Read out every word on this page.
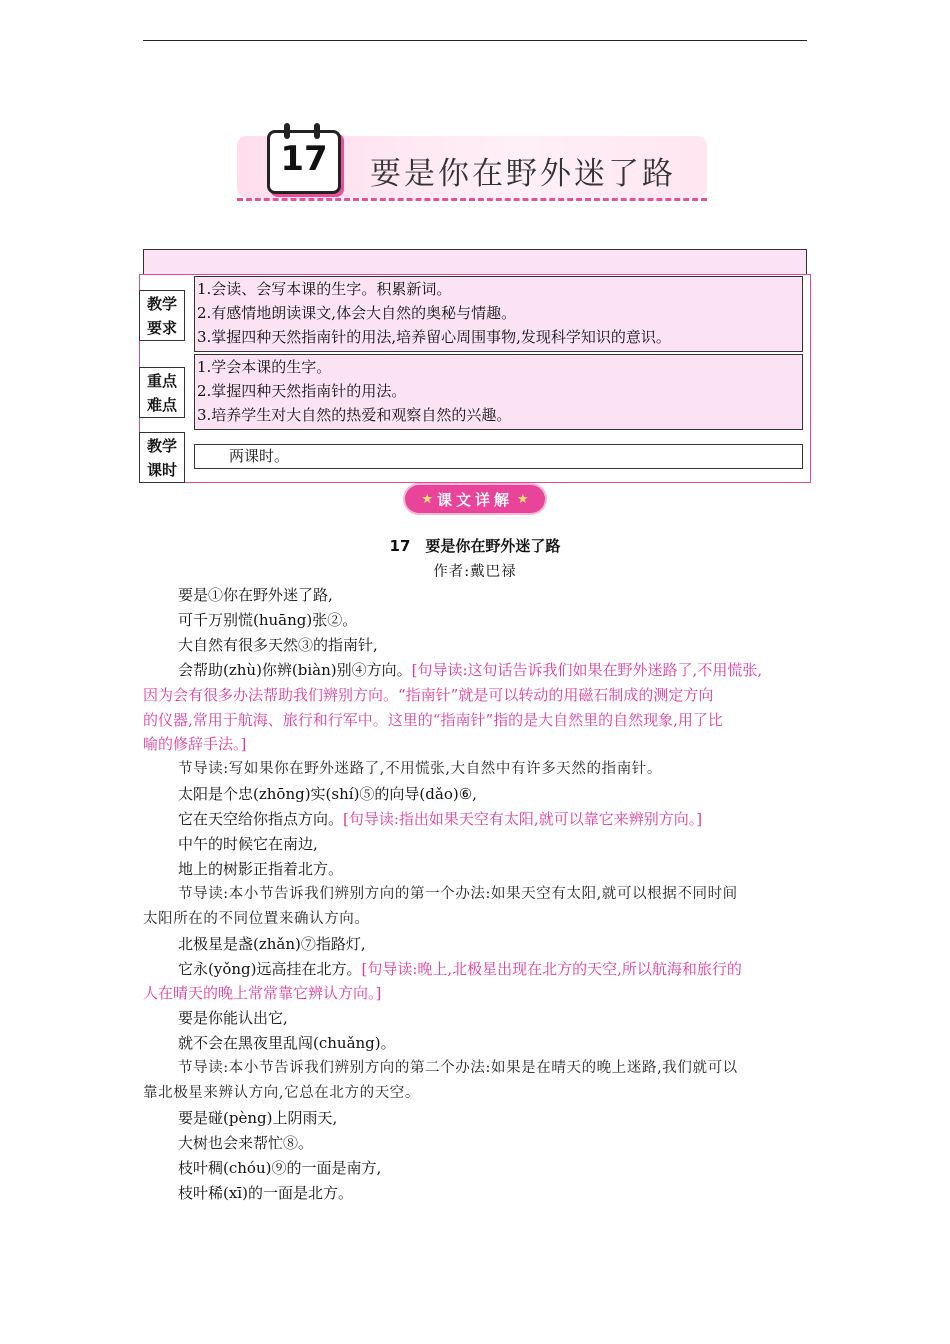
17	要是你在野外迷了路
教学
要求
1.会读、会写本课的生字。积累新词。
2.有感情地朗读课文,体会大自然的奥秘与情趣。
3.掌握四种天然指南针的用法,培养留心周围事物,发现科学知识的意识。
重点
难点
1.学会本课的生字。
2.掌握四种天然指南针的用法。
3.培养学生对大自然的热爱和观察自然的兴趣。
教学
课时
两课时。
★ 课文详解 ★
17　要是你在野外迷了路
作者:戴巴禄
要是①你在野外迷了路,
可千万别慌(huāng)张②。
大自然有很多天然③的指南针,
会帮助(zhù)你辨(biàn)别④方向。[句导读:这句话告诉我们如果在野外迷路了,不用慌张,
因为会有很多办法帮助我们辨别方向。“指南针”就是可以转动的用磁石制成的测定方向
的仪器,常用于航海、旅行和行军中。这里的“指南针”指的是大自然里的自然现象,用了比
喻的修辞手法。]
节导读:写如果你在野外迷路了,不用慌张,大自然中有许多天然的指南针。
太阳是个忠(zhōng)实(shí)⑤的向导(dǎo)⑥,
它在天空给你指点方向。[句导读:指出如果天空有太阳,就可以靠它来辨别方向。]
中午的时候它在南边,
地上的树影正指着北方。
节导读:本小节告诉我们辨别方向的第一个办法:如果天空有太阳,就可以根据不同时间
太阳所在的不同位置来确认方向。
北极星是盏(zhǎn)⑦指路灯,
它永(yǒng)远高挂在北方。[句导读:晚上,北极星出现在北方的天空,所以航海和旅行的
人在晴天的晚上常常靠它辨认方向。]
要是你能认出它,
就不会在黑夜里乱闯(chuǎng)。
节导读:本小节告诉我们辨别方向的第二个办法:如果是在晴天的晚上迷路,我们就可以
靠北极星来辨认方向,它总在北方的天空。
要是碰(pèng)上阴雨天,
大树也会来帮忙⑧。
枝叶稠(chóu)⑨的一面是南方,
枝叶稀(xī)的一面是北方。
